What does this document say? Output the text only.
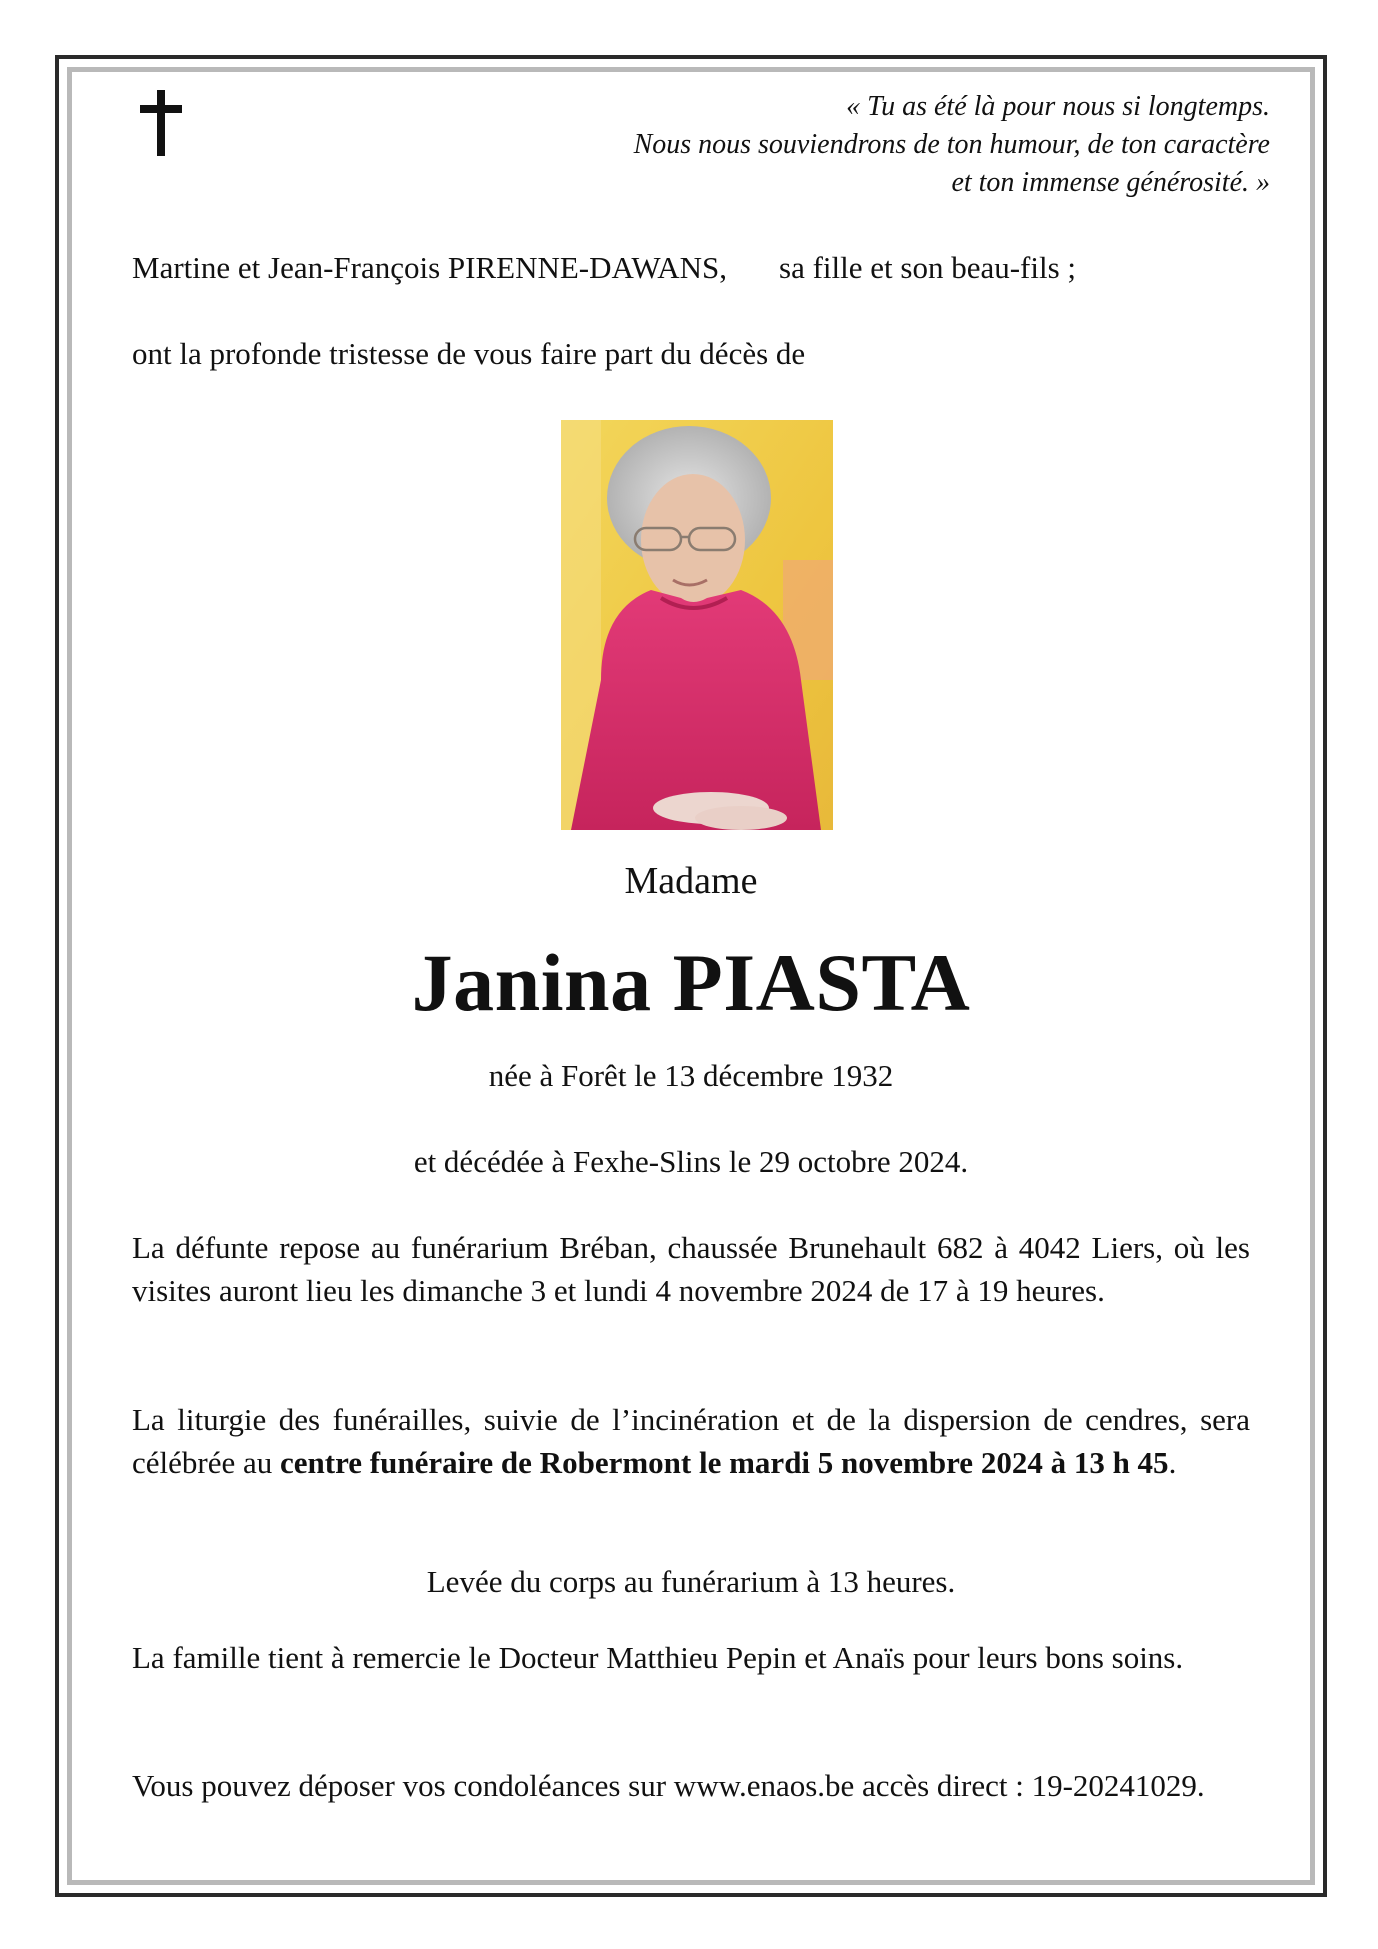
« Tu as été là pour nous si longtemps.
Nous nous souviendrons de ton humour, de ton caractère
et ton immense générosité. »
Martine et Jean-François PIRENNE-DAWANS, sa fille et son beau-fils ;
ont la profonde tristesse de vous faire part du décès de
Madame
Janina PIASTA
née à Forêt le 13 décembre 1932
et décédée à Fexhe-Slins le 29 octobre 2024.
La défunte repose au funérarium Bréban, chaussée Brunehault 682 à 4042 Liers, où les visites auront lieu les dimanche 3 et lundi 4 novembre 2024 de 17 à 19 heures.
La liturgie des funérailles, suivie de l’incinération et de la dispersion de cendres, sera célébrée au centre funéraire de Robermont le mardi 5 novembre 2024 à 13 h 45.
Levée du corps au funérarium à 13 heures.
La famille tient à remercie le Docteur Matthieu Pepin et Anaïs pour leurs bons soins.
Vous pouvez déposer vos condoléances sur www.enaos.be accès direct : 19-20241029.
